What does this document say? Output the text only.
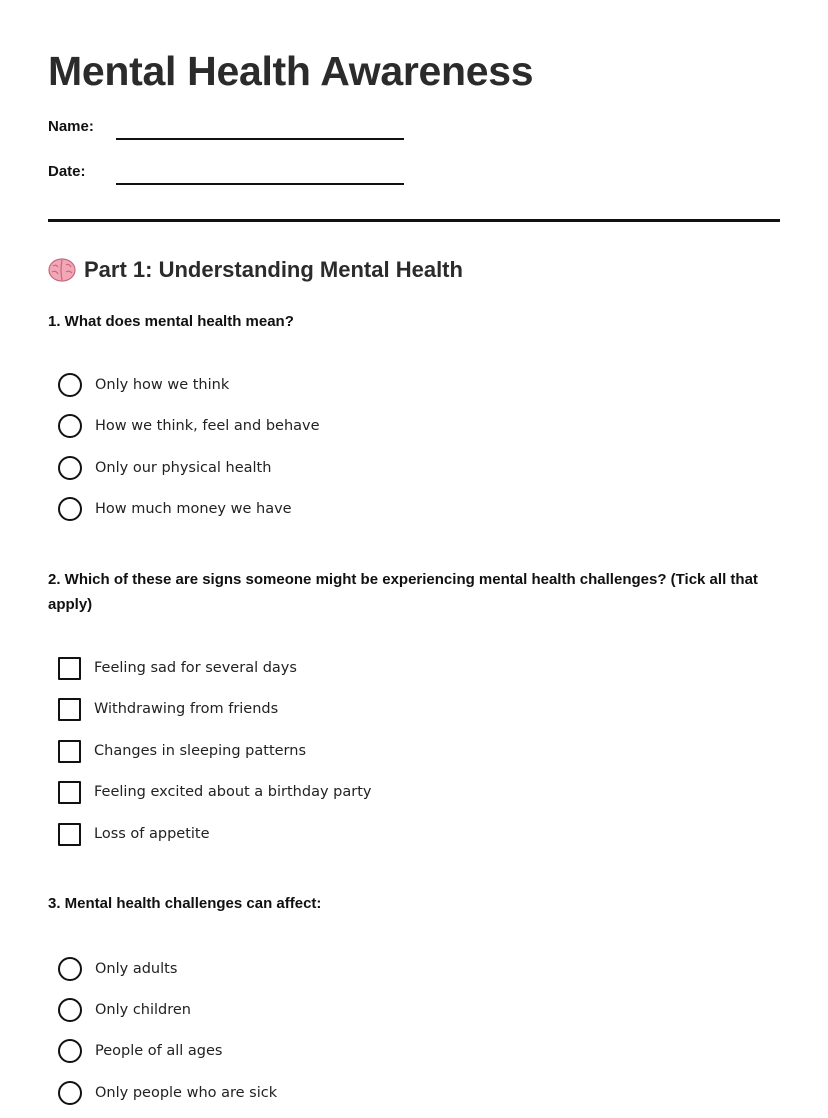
Mental Health Awareness
Name:
Date:
Part 1: Understanding Mental Health
1. What does mental health mean?
Only how we think
How we think, feel and behave
Only our physical health
How much money we have
2. Which of these are signs someone might be experiencing mental health challenges? (Tick all that apply)
Feeling sad for several days
Withdrawing from friends
Changes in sleeping patterns
Feeling excited about a birthday party
Loss of appetite
3. Mental health challenges can affect:
Only adults
Only children
People of all ages
Only people who are sick
